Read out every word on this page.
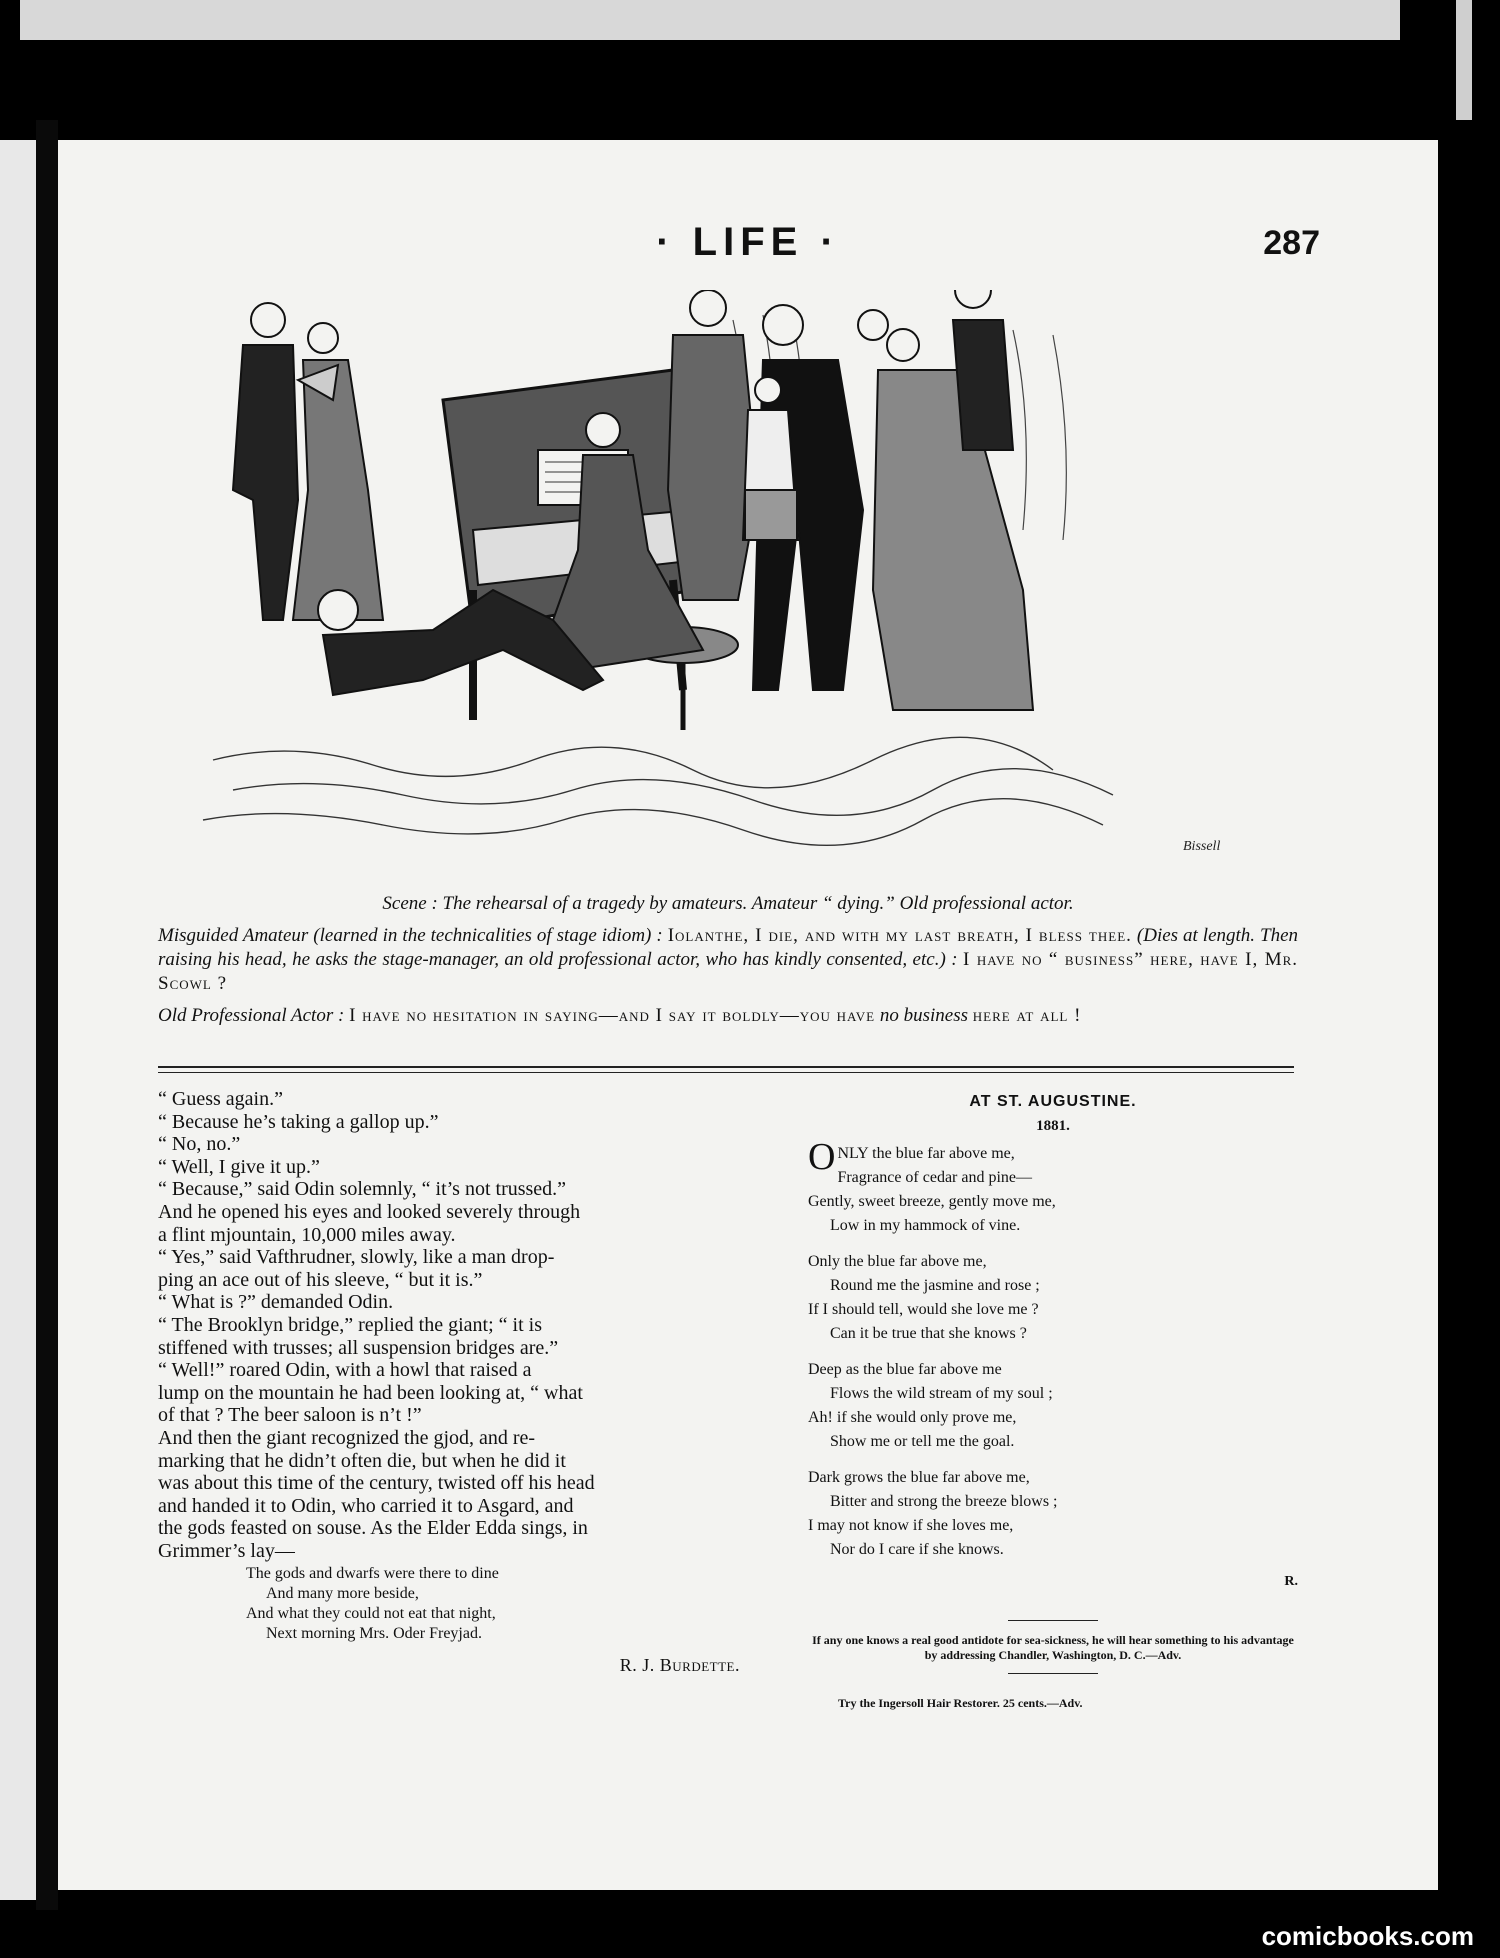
· LIFE ·	287
Bissell

Scene : The rehearsal of a tragedy by amateurs. Amateur “ dying.” Old professional actor.

Misguided Amateur (learned in the technicalities of stage idiom) : Iolanthe, I die, and with my last breath, I bless thee. (Dies at length. Then raising his head, he asks the stage-manager, an old professional actor, who has kindly consented, etc.) : I have no “ business” here, have I, Mr. Scowl ?

Old Professional Actor : I have no hesitation in saying—and I say it boldly—you have no business here at all !

“ Guess again.”
“ Because he’s taking a gallop up.”
“ No, no.”
“ Well, I give it up.”
“ Because,” said Odin solemnly, “ it’s not trussed.”
And he opened his eyes and looked severely through
a flint mjountain, 10,000 miles away.
“ Yes,” said Vafthrudner, slowly, like a man drop-
ping an ace out of his sleeve, “ but it is.”
“ What is ?” demanded Odin.
“ The Brooklyn bridge,” replied the giant; “ it is
stiffened with trusses; all suspension bridges are.”
“ Well!” roared Odin, with a howl that raised a
lump on the mountain he had been looking at, “ what
of that ? The beer saloon is n’t !”
And then the giant recognized the gjod, and re-
marking that he didn’t often die, but when he did it
was about this time of the century, twisted off his head
and handed it to Odin, who carried it to Asgard, and
the gods feasted on souse. As the Elder Edda sings, in
Grimmer’s lay—
The gods and dwarfs were there to dine
And many more beside,
And what they could not eat that night,
Next morning Mrs. Oder Freyjad.
R. J. Burdette.
AT ST. AUGUSTINE.
1881.
ONLY the blue far above me,
Fragrance of cedar and pine—
Gently, sweet breeze, gently move me,
Low in my hammock of vine.
Only the blue far above me,
Round me the jasmine and rose ;
If I should tell, would she love me ?
Can it be true that she knows ?
Deep as the blue far above me
Flows the wild stream of my soul ;
Ah! if she would only prove me,
Show me or tell me the goal.
Dark grows the blue far above me,
Bitter and strong the breeze blows ;
I may not know if she loves me,
Nor do I care if she knows.
R.
If any one knows a real good antidote for sea-sickness, he will hear something to his advantage by addressing Chandler, Washington, D. C.—Adv.
Try the Ingersoll Hair Restorer. 25 cents.—Adv.
comicbooks.com
